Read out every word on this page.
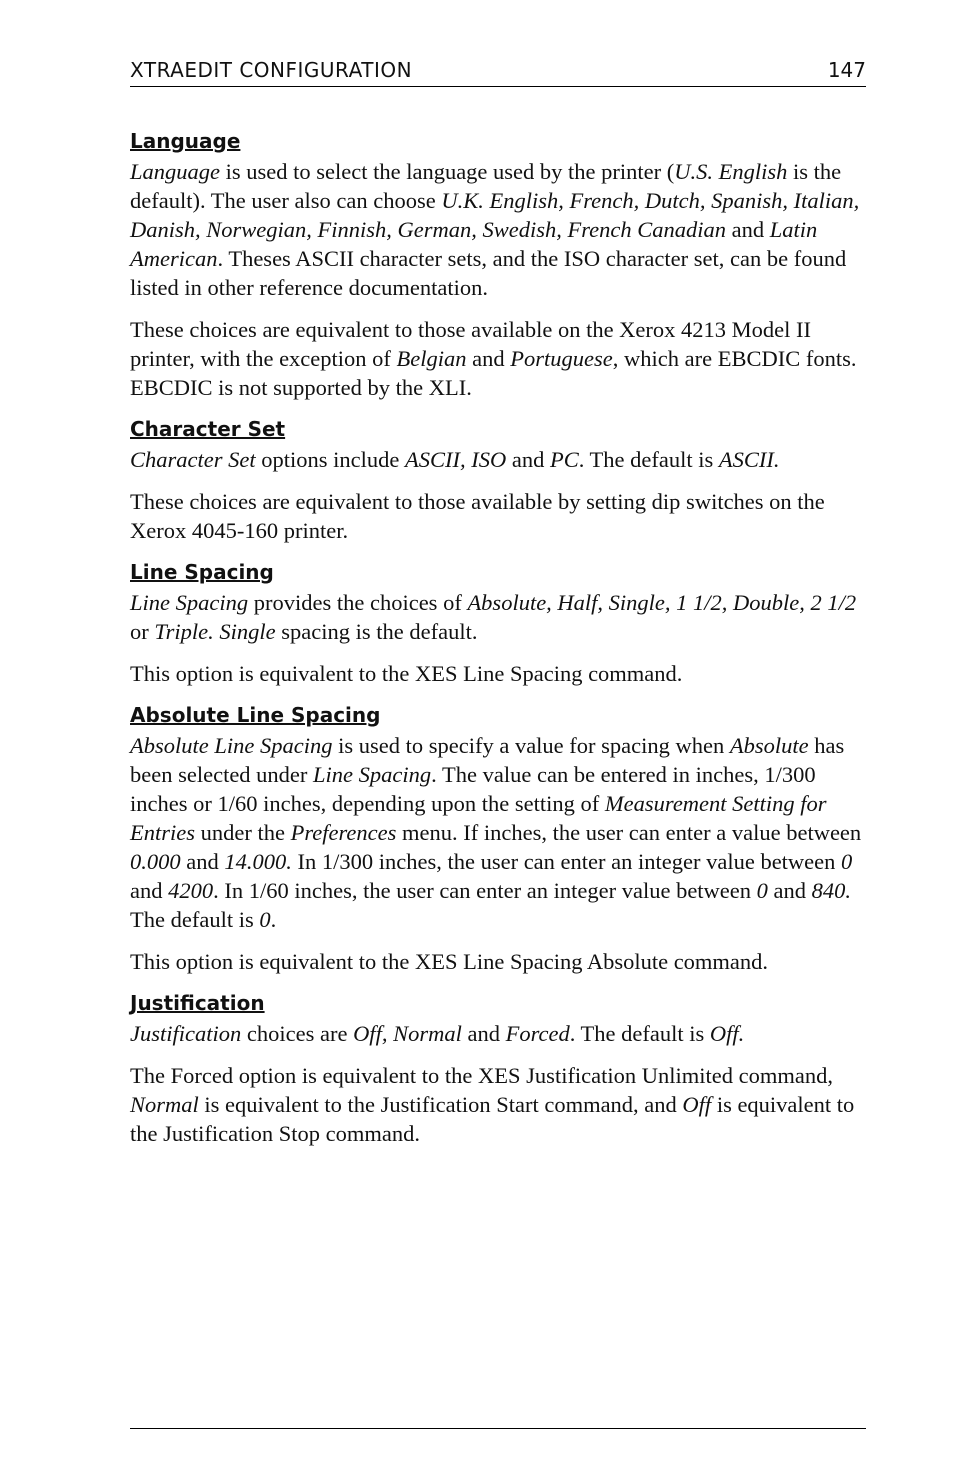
XTRAEDIT CONFIGURATION	147
Language

Language is used to select the language used by the printer (U.S. English is the default). The user also can choose U.K. English, French, Dutch, Spanish, Italian, Danish, Norwegian, Finnish, German, Swedish, French Canadian and Latin American. Theses ASCII character sets, and the ISO character set, can be found listed in other reference documentation.

These choices are equivalent to those available on the Xerox 4213 Model II printer, with the exception of Belgian and Portuguese, which are EBCDIC fonts. EBCDIC is not supported by the XLI.

Character Set

Character Set options include ASCII, ISO and PC. The default is ASCII.

These choices are equivalent to those available by setting dip switches on the Xerox 4045-160 printer.

Line Spacing

Line Spacing provides the choices of Absolute, Half, Single, 1 1/2, Double, 2 1/2 or Triple. Single spacing is the default.

This option is equivalent to the XES Line Spacing command.

Absolute Line Spacing

Absolute Line Spacing is used to specify a value for spacing when Absolute has been selected under Line Spacing. The value can be entered in inches, 1/300 inches or 1/60 inches, depending upon the setting of Measurement Setting for Entries under the Preferences menu. If inches, the user can enter a value between 0.000 and 14.000. In 1/300 inches, the user can enter an integer value between 0 and 4200. In 1/60 inches, the user can enter an integer value between 0 and 840. The default is 0.

This option is equivalent to the XES Line Spacing Absolute command.

Justification

Justification choices are Off, Normal and Forced. The default is Off.

The Forced option is equivalent to the XES Justification Unlimited command, Normal is equivalent to the Justification Start command, and Off is equivalent to the Justification Stop command.
